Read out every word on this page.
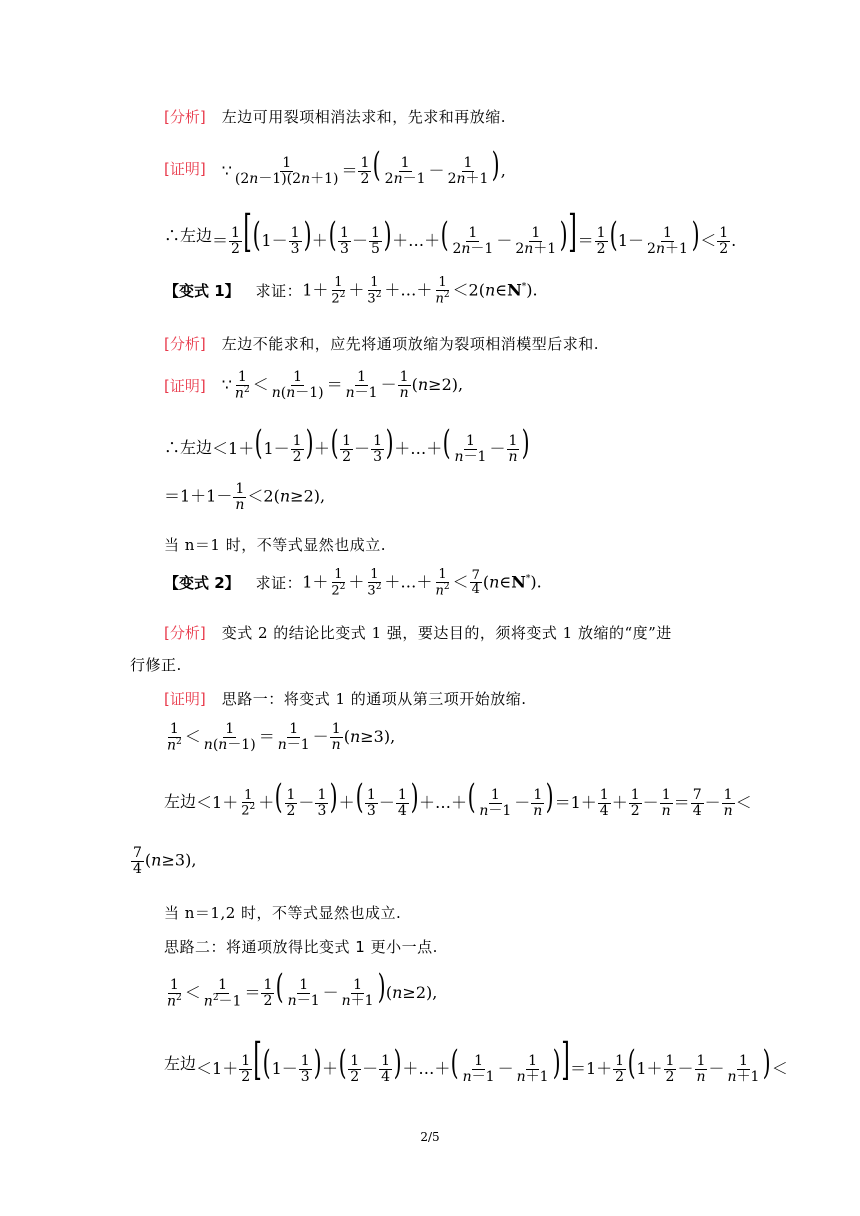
[分析] 左边可用裂项相消法求和，先求和再放缩.
[证明] ∵ $\frac{1}{(2n-1)(2n+1)} = \frac{1}{2}$ ( $\frac{1}{2n-1} - \frac{1}{2n+1}$ ),
∴左边 ＝ $\frac{1}{2} [(1- \frac{1}{3}$ )＋( $\frac{1}{3} - \frac{1}{5}$ )＋…＋( $\frac{1}{2n-1} - \frac{1}{2n+1}$ )]＝ $\frac{1}{2} (1- \frac{1}{2n+1}$ )＜ $\frac{1}{2}$ .
【变式 1】 求证： $1+ \frac{1}{2^2} + \frac{1}{3^2}$ ＋…＋ $\frac{1}{n^2}$ ＜2(n∈N*).
[分析] 左边不能求和，应先将通项放缩为裂项相消模型后求和.
[证明] ∵ $\frac{1}{n^2} < \frac{1}{n(n-1)} = \frac{1}{n-1} - \frac{1}{n} (n\ge 2)$,
∴左边 $<1+(1- \frac{1}{2}$ )＋( $\frac{1}{2} - \frac{1}{3}$ )＋…＋( $\frac{1}{n-1} - \frac{1}{n}$ )
$=1+1- \frac{1}{n} <2(n\ge 2)$,
当 n＝1 时，不等式显然也成立.
【变式 2】 求证： $1+ \frac{1}{2^2} + \frac{1}{3^2}$ ＋…＋ $\frac{1}{n^2} < \frac{7}{4}$ (n∈N*).
[分析] 变式 2 的结论比变式 1 强，要达目的，须将变式 1 放缩的“度”进
行修正.
[证明] 思路一：将变式 1 的通项从第三项开始放缩.
$\frac{1}{n^2} < \frac{1}{n(n-1)} = \frac{1}{n-1} - \frac{1}{n} (n\ge 3)$,
左边 $<1+ \frac{1}{2^2}$ ＋( $\frac{1}{2} - \frac{1}{3}$ )＋( $\frac{1}{3} - \frac{1}{4}$ )＋…＋( $\frac{1}{n-1} - \frac{1}{n} )=1+ \frac{1}{4} + \frac{1}{2} - \frac{1}{n} = \frac{7}{4} - \frac{1}{n}$ ＜
$\frac{7}{4} (n\ge 3)$,
当 n＝1,2 时，不等式显然也成立.
思路二：将通项放得比变式 1 更小一点.
$\frac{1}{n^2} < \frac{1}{n^2-1} = \frac{1}{2}$ ( $\frac{1}{n-1} - \frac{1}{n+1} )(n\ge 2)$,
左边 $<1+ \frac{1}{2} [(1- \frac{1}{3}$ )＋( $\frac{1}{2} - \frac{1}{4}$ )＋…＋( $\frac{1}{n-1} - \frac{1}{n+1} )]=1+ \frac{1}{2} (1+ \frac{1}{2} - \frac{1}{n} - \frac{1}{n+1}$ )＜
2/5
